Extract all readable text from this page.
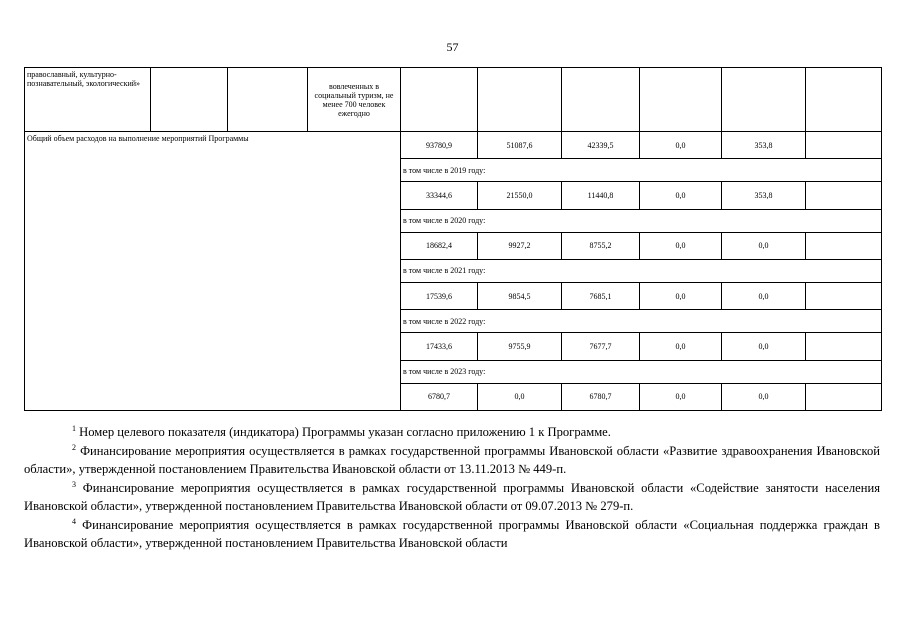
57
православный, культурно-познавательный, экологический»			вовлеченных в социальный туризм, не менее 700 человек ежегодно						
Общий объем расходов на выполнение мероприятий Программы				93780,9	51087,6	42339,5	0,0	353,8	
				в том числе в 2019 году:					
				33344,6	21550,0	11440,8	0,0	353,8	
				в том числе в 2020 году:					
				18682,4	9927,2	8755,2	0,0	0,0	
				в том числе в 2021 году:					
				17539,6	9854,5	7685,1	0,0	0,0	
				в том числе в 2022 году:					
				17433,6	9755,9	7677,7	0,0	0,0	
				в том числе в 2023 году:					
				6780,7	0,0	6780,7	0,0	0,0	

$^1$ Номер целевого показателя (индикатора) Программы указан согласно приложению 1 к Программе.

$^2$ Финансирование мероприятия осуществляется в рамках государственной программы Ивановской области «Развитие здравоохранения Ивановской области», утвержденной постановлением Правительства Ивановской области от 13.11.2013 № 449-п.

$^3$ Финансирование мероприятия осуществляется в рамках государственной программы Ивановской области «Содействие занятости населения Ивановской области», утвержденной постановлением Правительства Ивановской области от 09.07.2013 № 279-п.

$^4$ Финансирование мероприятия осуществляется в рамках государственной программы Ивановской области «Социальная поддержка граждан в Ивановской области», утвержденной постановлением Правительства Ивановской области
